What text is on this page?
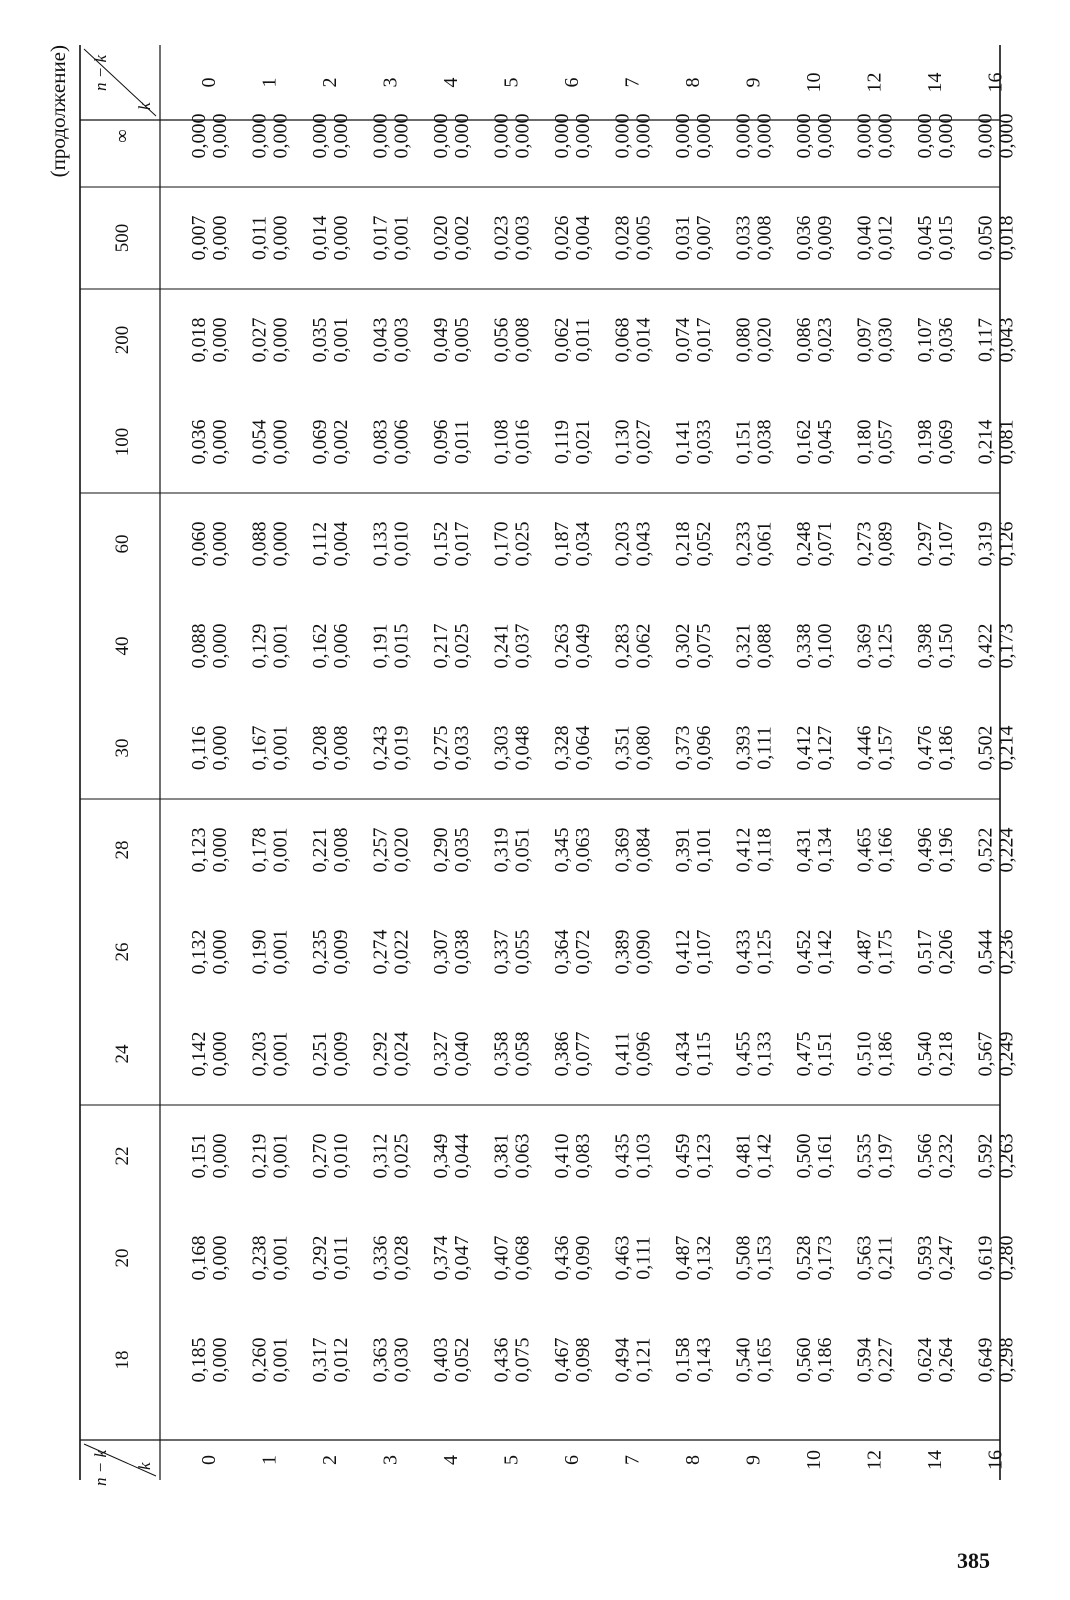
(продолжение)
n − k k
n − k
k
18
20
22
24
26
28
30
40
60
100
200
500
∞
0
0
1
1
2
2
3
3
4
4
5
5
6
6
7
7
8
8
9
9
10
10
12
12
14
14
16
16
0,185 0,000
0,168 0,000
0,151 0,000
0,142 0,000
0,132 0,000
0,123 0,000
0,116 0,000
0,088 0,000
0,060 0,000
0,036 0,000
0,018 0,000
0,007 0,000
0,000 0,000
0,260 0,001
0,238 0,001
0,219 0,001
0,203 0,001
0,190 0,001
0,178 0,001
0,167 0,001
0,129 0,001
0,088 0,000
0,054 0,000
0,027 0,000
0,011 0,000
0,000 0,000
0,317 0,012
0,292 0,011
0,270 0,010
0,251 0,009
0,235 0,009
0,221 0,008
0,208 0,008
0,162 0,006
0,112 0,004
0,069 0,002
0,035 0,001
0,014 0,000
0,000 0,000
0,363 0,030
0,336 0,028
0,312 0,025
0,292 0,024
0,274 0,022
0,257 0,020
0,243 0,019
0,191 0,015
0,133 0,010
0,083 0,006
0,043 0,003
0,017 0,001
0,000 0,000
0,403 0,052
0,374 0,047
0,349 0,044
0,327 0,040
0,307 0,038
0,290 0,035
0,275 0,033
0,217 0,025
0,152 0,017
0,096 0,011
0,049 0,005
0,020 0,002
0,000 0,000
0,436 0,075
0,407 0,068
0,381 0,063
0,358 0,058
0,337 0,055
0,319 0,051
0,303 0,048
0,241 0,037
0,170 0,025
0,108 0,016
0,056 0,008
0,023 0,003
0,000 0,000
0,467 0,098
0,436 0,090
0,410 0,083
0,386 0,077
0,364 0,072
0,345 0,063
0,328 0,064
0,263 0,049
0,187 0,034
0,119 0,021
0,062 0,011
0,026 0,004
0,000 0,000
0,494 0,121
0,463 0,111
0,435 0,103
0,411 0,096
0,389 0,090
0,369 0,084
0,351 0,080
0,283 0,062
0,203 0,043
0,130 0,027
0,068 0,014
0,028 0,005
0,000 0,000
0,158 0,143
0,487 0,132
0,459 0,123
0,434 0,115
0,412 0,107
0,391 0,101
0,373 0,096
0,302 0,075
0,218 0,052
0,141 0,033
0,074 0,017
0,031 0,007
0,000 0,000
0,540 0,165
0,508 0,153
0,481 0,142
0,455 0,133
0,433 0,125
0,412 0,118
0,393 0,111
0,321 0,088
0,233 0,061
0,151 0,038
0,080 0,020
0,033 0,008
0,000 0,000
0,560 0,186
0,528 0,173
0,500 0,161
0,475 0,151
0,452 0,142
0,431 0,134
0,412 0,127
0,338 0,100
0,248 0,071
0,162 0,045
0,086 0,023
0,036 0,009
0,000 0,000
0,594 0,227
0,563 0,211
0,535 0,197
0,510 0,186
0,487 0,175
0,465 0,166
0,446 0,157
0,369 0,125
0,273 0,089
0,180 0,057
0,097 0,030
0,040 0,012
0,000 0,000
0,624 0,264
0,593 0,247
0,566 0,232
0,540 0,218
0,517 0,206
0,496 0,196
0,476 0,186
0,398 0,150
0,297 0,107
0,198 0,069
0,107 0,036
0,045 0,015
0,000 0,000
0,649 0,298
0,619 0,280
0,592 0,263
0,567 0,249
0,544 0,236
0,522 0,224
0,502 0,214
0,422 0,173
0,319 0,126
0,214 0,081
0,117 0,043
0,050 0,018
0,000 0,000
385
